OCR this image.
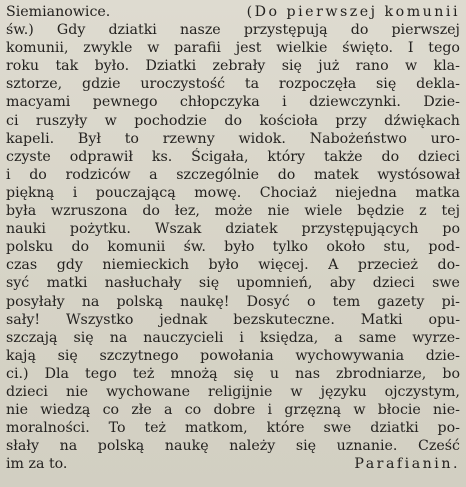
Siemianowice.	(Do pierwszej komunii
św.) Gdy dziatki nasze przystępują do pierwszej
komunii, zwykle w parafii jest wielkie święto. I tego
roku tak było. Dziatki zebrały się już rano w kla-
sztorze, gdzie uroczystość ta rozpoczęła się dekla-
macyami pewnego chłopczyka i dziewczynki. Dzie-
ci ruszyły w pochodzie do kościoła przy dźwiękach
kapeli. Był to rzewny widok. Nabożeństwo uro-
czyste odprawił ks. Ścigała, który także do dzieci
i do rodziców a szczególnie do matek wystósował
piękną i pouczającą mowę. Chociaż niejedna matka
była wzruszona do łez, może nie wiele będzie z tej
nauki pożytku. Wszak dziatek przystępujących po
polsku do komunii św. było tylko około stu, pod-
czas gdy niemieckich było więcej. A przecież do-
syć matki nasłuchały się upomnień, aby dzieci swe
posyłały na polską naukę! Dosyć o tem gazety pi-
sały! Wszystko jednak bezskuteczne. Matki opu-
szczają się na nauczycieli i księdza, a same wyrze-
kają się szczytnego powołania wychowywania dzie-
ci.) Dla tego też mnożą się u nas zbrodniarze, bo
dzieci nie wychowane religijnie w języku ojczystym,
nie wiedzą co złe a co dobre i grzęzną w błocie nie-
moralności. To też matkom, które swe dziatki po-
słały na polską naukę należy się uznanie. Cześć
im za to.	Parafianin.
